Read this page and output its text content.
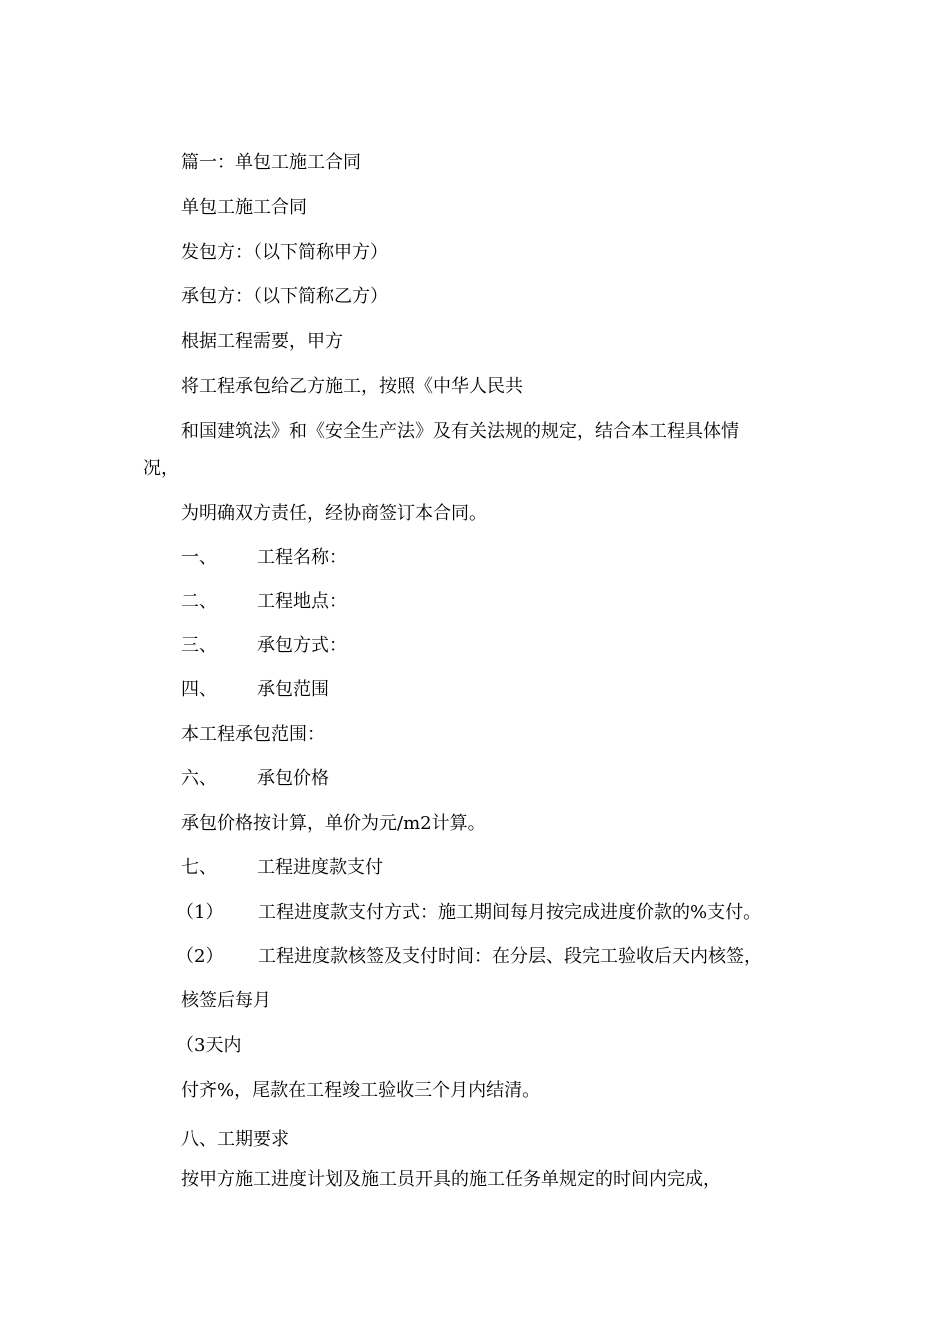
篇一：单包工施工合同
单包工施工合同
发包方：（以下简称甲方）
承包方：（以下简称乙方）
根据工程需要，甲方
将工程承包给乙方施工，按照《中华人民共
和国建筑法》和《安全生产法》及有关法规的规定，结合本工程具体情
况，
为明确双方责任，经协商签订本合同。
一、 工程名称：
二、 工程地点：
三、 承包方式：
四、 承包范围
本工程承包范围：
六、 承包价格
承包价格按计算，单价为元/m2计算。
七、 工程进度款支付
（1） 工程进度款支付方式：施工期间每月按完成进度价款的%支付。
（2） 工程进度款核签及支付时间：在分层、段完工验收后天内核签，
核签后每月
（3天内
付齐%，尾款在工程竣工验收三个月内结清。
八、工期要求
按甲方施工进度计划及施工员开具的施工任务单规定的时间内完成，
